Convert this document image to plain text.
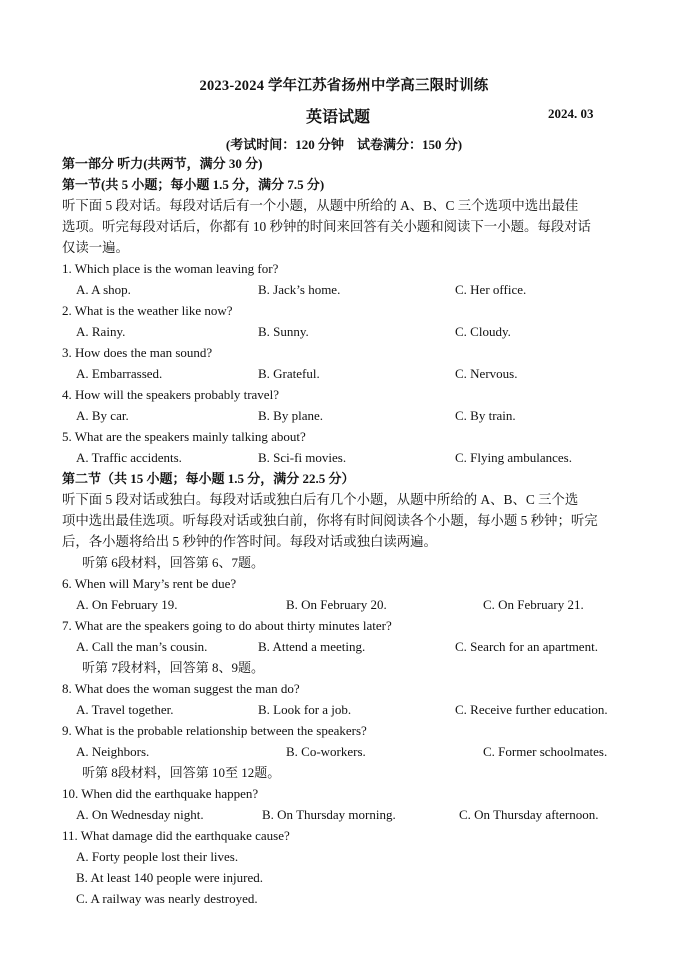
2023-2024 学年江苏省扬州中学高三限时训练
英语试题	2024. 03
(考试时间：120 分钟　试卷满分：150 分)
第一部分 听力(共两节，满分 30 分)
第一节(共 5 小题；每小题 1.5 分，满分 7.5 分)
听下面 5 段对话。每段对话后有一个小题，从题中所给的 A、B、C 三个选项中选出最佳
选项。听完每段对话后，你都有 10 秒钟的时间来回答有关小题和阅读下一小题。每段对话
仅读一遍。
1. Which place is the woman leaving for?
A. A shop.	B. Jack’s home.	C. Her office.
2. What is the weather like now?
A. Rainy.	B. Sunny.	C. Cloudy.
3. How does the man sound?
A. Embarrassed.	B. Grateful.	C. Nervous.
4. How will the speakers probably travel?
A. By car.	B. By plane.	C. By train.
5. What are the speakers mainly talking about?
A. Traffic accidents.	B. Sci-fi movies.	C. Flying ambulances.
第二节（共 15 小题；每小题 1.5 分，满分 22.5 分）
听下面 5 段对话或独白。每段对话或独白后有几个小题，从题中所给的 A、B、C 三个选
项中选出最佳选项。听每段对话或独白前，你将有时间阅读各个小题，每小题 5 秒钟；听完
后，各小题将给出 5 秒钟的作答时间。每段对话或独白读两遍。
听第 6段材料，回答第 6、7题。
6. When will Mary’s rent be due?
A. On February 19.	B. On February 20.	C. On February 21.
7. What are the speakers going to do about thirty minutes later?
A. Call the man’s cousin.	B. Attend a meeting.	C. Search for an apartment.
听第 7段材料，回答第 8、9题。
8. What does the woman suggest the man do?
A. Travel together.	B. Look for a job.	C. Receive further education.
9. What is the probable relationship between the speakers?
A. Neighbors.	B. Co-workers.	C. Former schoolmates.
听第 8段材料，回答第 10至 12题。
10. When did the earthquake happen?
A. On Wednesday night.	B. On Thursday morning.	C. On Thursday afternoon.
11. What damage did the earthquake cause?
A. Forty people lost their lives.
B. At least 140 people were injured.
C. A railway was nearly destroyed.
